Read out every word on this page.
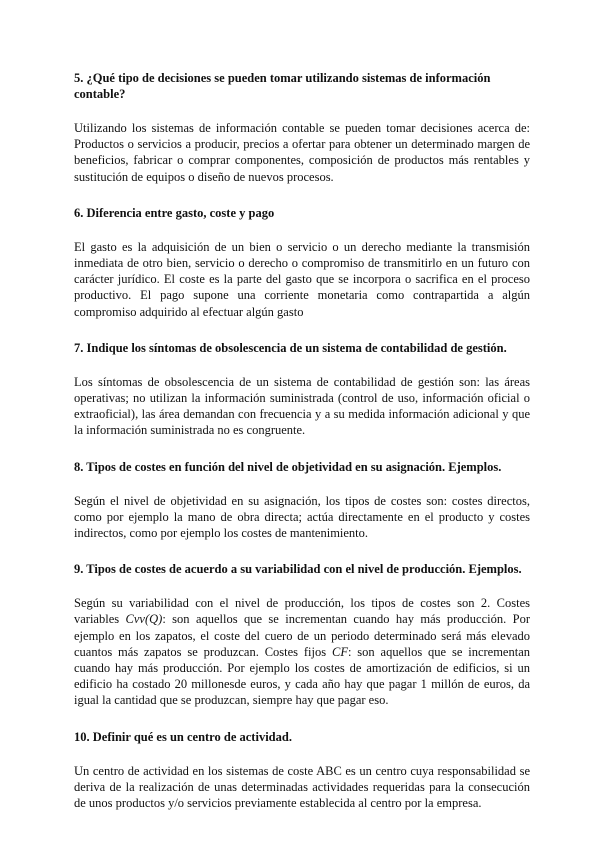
5. ¿Qué tipo de decisiones se pueden tomar utilizando sistemas de información contable?
Utilizando los sistemas de información contable se pueden tomar decisiones acerca de: Productos o servicios a producir, precios a ofertar para obtener un determinado margen de beneficios, fabricar o comprar componentes, composición de productos más rentables y sustitución de equipos o diseño de nuevos procesos.
6. Diferencia entre gasto, coste y pago
El gasto es la adquisición de un bien o servicio o un derecho mediante la transmisión inmediata de otro bien, servicio o derecho o compromiso de transmitirlo en un futuro con carácter jurídico. El coste es la parte del gasto que se incorpora o sacrifica en el proceso productivo. El pago supone una corriente monetaria como contrapartida a algún compromiso adquirido al efectuar algún gasto
7. Indique los síntomas de obsolescencia de un sistema de contabilidad de gestión.
Los síntomas de obsolescencia de un sistema de contabilidad de gestión son: las áreas operativas; no utilizan la información suministrada (control de uso, información oficial o extraoficial), las área demandan con frecuencia y a su medida información adicional y que la información suministrada no es congruente.
8. Tipos de costes en función del nivel de objetividad en su asignación. Ejemplos.
Según el nivel de objetividad en su asignación, los tipos de costes son: costes directos, como por ejemplo la mano de obra directa; actúa directamente en el producto y costes indirectos, como por ejemplo los costes de mantenimiento.
9. Tipos de costes de acuerdo a su variabilidad con el nivel de producción. Ejemplos.
Según su variabilidad con el nivel de producción, los tipos de costes son 2. Costes variables Cvv(Q): son aquellos que se incrementan cuando hay más producción. Por ejemplo en los zapatos, el coste del cuero de un periodo determinado será más elevado cuantos más zapatos se produzcan. Costes fijos CF: son aquellos que se incrementan cuando hay más producción. Por ejemplo los costes de amortización de edificios, si un edificio ha costado 20 millonesde euros, y cada año hay que pagar 1 millón de euros, da igual la cantidad que se produzcan, siempre hay que pagar eso.
10. Definir qué es un centro de actividad.
Un centro de actividad en los sistemas de coste ABC es un centro cuya responsabilidad se deriva de la realización de unas determinadas actividades requeridas para la consecución de unos productos y/o servicios previamente establecida al centro por la empresa.
